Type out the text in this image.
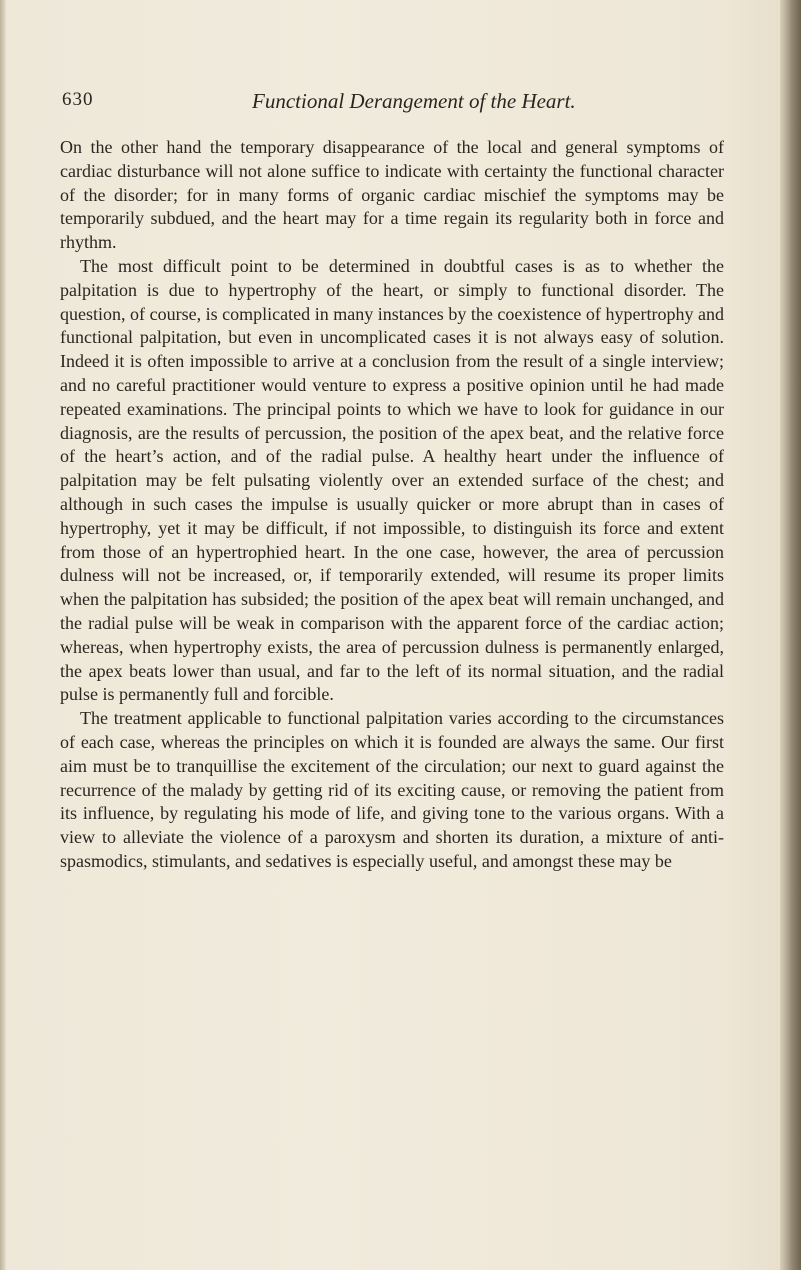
630	Functional Derangement of the Heart.

On the other hand the temporary disappearance of the local and general symptoms of cardiac disturbance will not alone suffice to indicate with certainty the functional character of the disorder; for in many forms of organic cardiac mischief the symptoms may be temporarily subdued, and the heart may for a time regain its regularity both in force and rhythm.

The most difficult point to be determined in doubtful cases is as to whether the palpitation is due to hypertrophy of the heart, or simply to functional disorder. The question, of course, is complicated in many instances by the coexistence of hypertrophy and functional palpitation, but even in uncomplicated cases it is not always easy of solution. Indeed it is often impossible to arrive at a conclusion from the result of a single interview; and no careful practitioner would venture to express a positive opinion until he had made repeated examinations. The principal points to which we have to look for guidance in our diagnosis, are the results of percussion, the position of the apex beat, and the relative force of the heart’s action, and of the radial pulse. A healthy heart under the influence of palpitation may be felt pulsating violently over an extended surface of the chest; and although in such cases the impulse is usually quicker or more abrupt than in cases of hypertrophy, yet it may be difficult, if not impossible, to distinguish its force and extent from those of an hypertrophied heart. In the one case, however, the area of percussion dulness will not be increased, or, if temporarily extended, will resume its proper limits when the palpitation has subsided; the position of the apex beat will remain unchanged, and the radial pulse will be weak in comparison with the apparent force of the cardiac action; whereas, when hypertrophy exists, the area of percussion dulness is permanently enlarged, the apex beats lower than usual, and far to the left of its normal situation, and the radial pulse is permanently full and forcible.

The treatment applicable to functional palpitation varies according to the circumstances of each case, whereas the principles on which it is founded are always the same. Our first aim must be to tranquillise the excitement of the circulation; our next to guard against the recurrence of the malady by getting rid of its exciting cause, or removing the patient from its influence, by regulating his mode of life, and giving tone to the various organs. With a view to alleviate the violence of a paroxysm and shorten its duration, a mixture of anti-spasmodics, stimulants, and sedatives is especially useful, and amongst these may be
